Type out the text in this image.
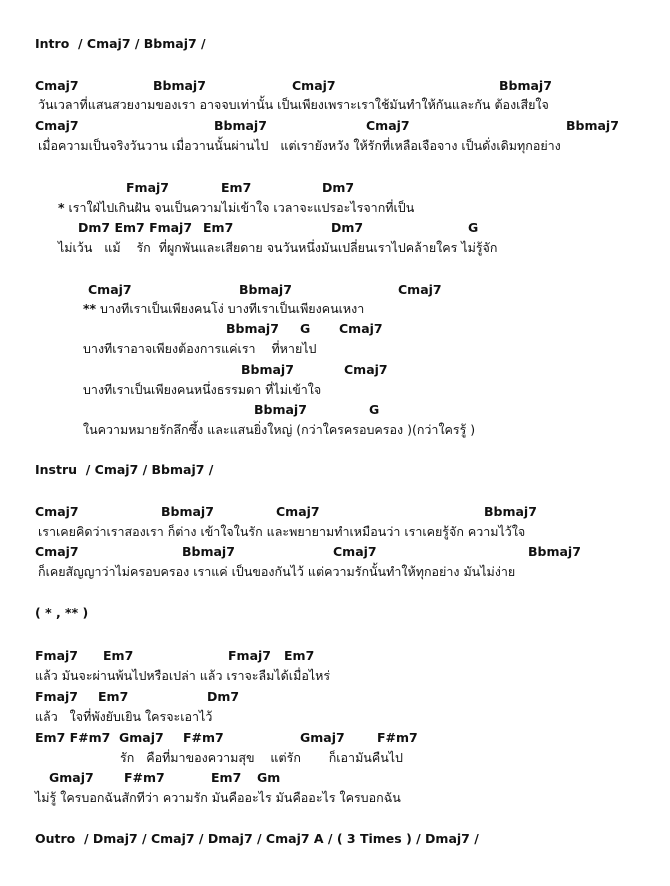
Intro  / Cmaj7 / Bbmaj7 /
Cmaj7	Bbmaj7	Cmaj7	Bbmaj7
วันเวลาที่แสนสวยงามของเรา อาจจบเท่านั้น เป็นเพียงเพราะเราใช้มันทำให้กันและกัน ต้องเสียใจ
Cmaj7	Bbmaj7	Cmaj7	Bbmaj7
เมื่อความเป็นจริงวันวาน เมื่อวานนั้นผ่านไป   แต่เรายังหวัง ให้รักที่เหลือเจือจาง เป็นดั่งเดิมทุกอย่าง
Fmaj7	Em7	Dm7
* เราใฝ่ไปเกินฝัน จนเป็นความไม่เข้าใจ เวลาจะแปรอะไรจากที่เป็น
Dm7 Em7 Fmaj7 Em7	Dm7	G
ไม่เว้น   แม้    รัก  ที่ผูกพันและเสียดาย จนวันหนึ่งมันเปลี่ยนเราไปคล้ายใคร ไม่รู้จัก
Cmaj7	Bbmaj7	Cmaj7
** บางทีเราเป็นเพียงคนโง่ บางทีเราเป็นเพียงคนเหงา
Bbmaj7 G Cmaj7
บางทีเราอาจเพียงต้องการแค่เรา    ที่หายไป
Bbmaj7	Cmaj7
บางทีเราเป็นเพียงคนหนึ่งธรรมดา ที่ไม่เข้าใจ
Bbmaj7	G
ในความหมายรักลึกซึ้ง และแสนยิ่งใหญ่ (กว่าใครครอบครอง )(กว่าใครรู้ )
Instru  / Cmaj7 / Bbmaj7 /
Cmaj7	Bbmaj7	Cmaj7	Bbmaj7
เราเคยคิดว่าเราสองเรา ก็ต่าง เข้าใจในรัก และพยายามทำเหมือนว่า เราเคยรู้จัก ความไว้ใจ
Cmaj7	Bbmaj7	Cmaj7	Bbmaj7
ก็เคยสัญญาว่าไม่ครอบครอง เราแค่ เป็นของกันไว้ แต่ความรักนั้นทำให้ทุกอย่าง มันไม่ง่าย
( * , ** )
Fmaj7 Em7	Fmaj7 Em7
แล้ว มันจะผ่านพ้นไปหรือเปล่า แล้ว เราจะลืมได้เมื่อไหร่
Fmaj7 Em7	Dm7
แล้ว   ใจที่พังยับเยิน ใครจะเอาไว้
Em7 F#m7 Gmaj7 F#m7	Gmaj7	F#m7
รัก   คือที่มาของความสุข    แต่รัก       ก็เอามันคืนไป
Gmaj7 F#m7	Em7 Gm
ไม่รู้ ใครบอกฉันสักทีว่า ความรัก มันคืออะไร มันคืออะไร ใครบอกฉัน
Outro  / Dmaj7 / Cmaj7 / Dmaj7 / Cmaj7 A / ( 3 Times ) / Dmaj7 /
